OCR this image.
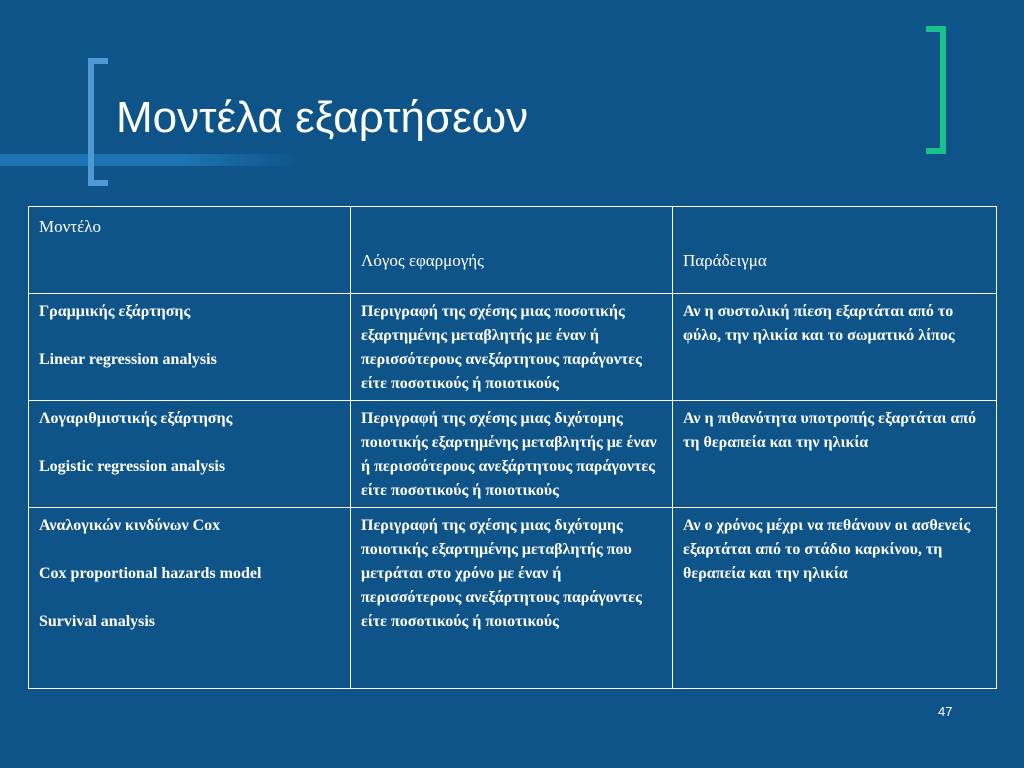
Μοντέλα εξαρτήσεων
Μοντέλο	Λόγος εφαρμογής	Παράδειγμα

Γραμμικής εξάρτησης

Linear regression analysis	Περιγραφή της σχέσης μιας ποσοτικής εξαρτημένης μεταβλητής με έναν ή περισσότερους ανεξάρτητους παράγοντες είτε ποσοτικούς ή ποιοτικούς	Αν η συστολική πίεση εξαρτάται από το φύλο, την ηλικία και το σωματικό λίπος

Λογαριθμιστικής εξάρτησης

Logistic regression analysis	Περιγραφή της σχέσης μιας διχότομης ποιοτικής εξαρτημένης μεταβλητής με έναν ή περισσότερους ανεξάρτητους παράγοντες είτε ποσοτικούς ή ποιοτικούς	Αν η πιθανότητα υποτροπής εξαρτάται από τη θεραπεία και την ηλικία

Αναλογικών κινδύνων Cox

Cox proportional hazards model

Survival analysis	Περιγραφή της σχέσης μιας διχότομης ποιοτικής εξαρτημένης μεταβλητής που μετράται στο χρόνο με έναν ή περισσότερους ανεξάρτητους παράγοντες είτε ποσοτικούς ή ποιοτικούς	Αν ο χρόνος μέχρι να πεθάνουν οι ασθενείς εξαρτάται από το στάδιο καρκίνου, τη θεραπεία και την ηλικία
47
